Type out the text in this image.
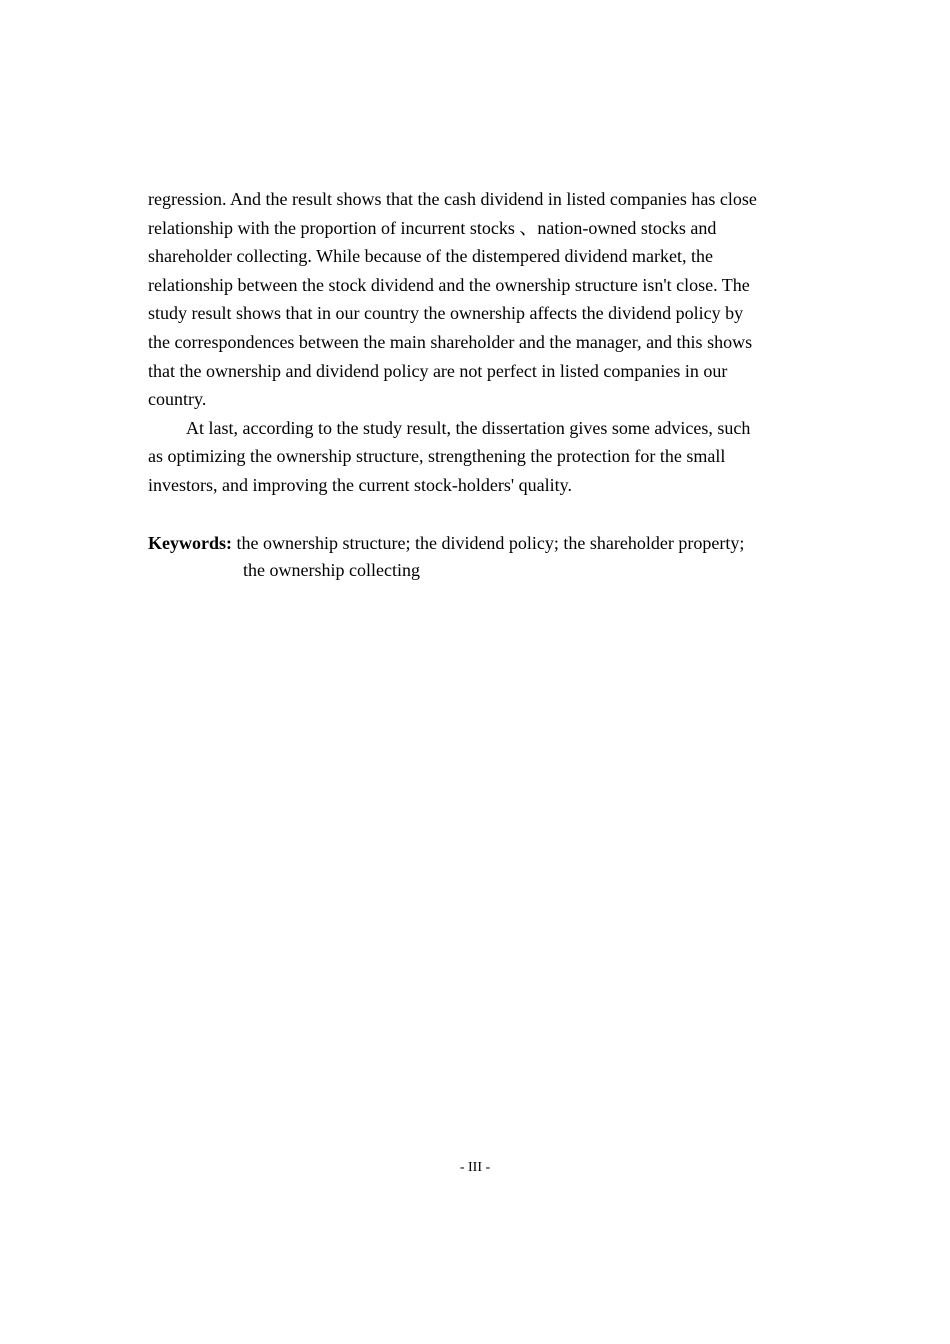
regression. And the result shows that the cash dividend in listed companies has close
relationship with the proportion of incurrent stocks 、nation-owned stocks and
shareholder collecting. While because of the distempered dividend market, the
relationship between the stock dividend and the ownership structure isn't close. The
study result shows that in our country the ownership affects the dividend policy by
the correspondences between the main shareholder and the manager, and this shows
that the ownership and dividend policy are not perfect in listed companies in our
country.
At last, according to the study result, the dissertation gives some advices, such
as optimizing the ownership structure, strengthening the protection for the small
investors, and improving the current stock-holders' quality.
Keywords: the ownership structure; the dividend policy; the shareholder property;
the ownership collecting
- III -
